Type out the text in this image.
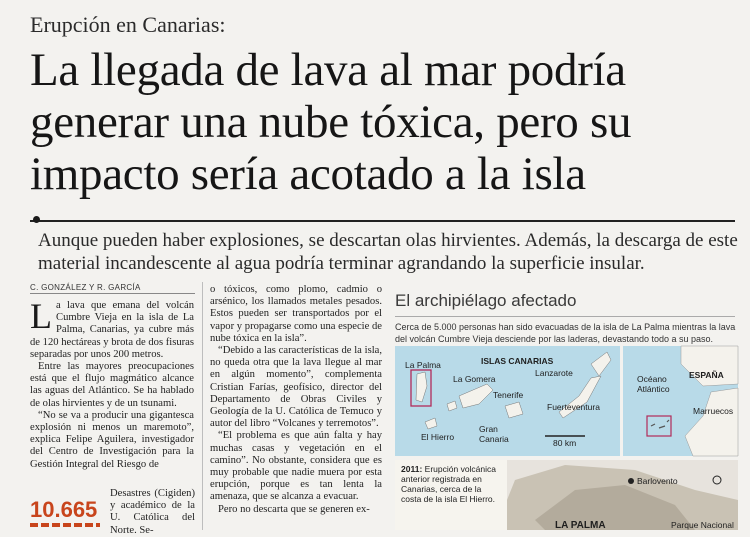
Erupción en Canarias:
La llegada de lava al mar podría generar una nube tóxica, pero su impacto sería acotado a la isla
Aunque pueden haber explosiones, se descartan olas hirvientes. Además, la descarga de este material incandescente al agua podría terminar agrandando la superficie insular.
C. GONZÁLEZ Y R. GARCÍA

La lava que emana del volcán Cumbre Vieja en la isla de La Palma, Canarias, ya cubre más de 120 hectáreas y brota de dos fisuras separadas por unos 200 metros.

Entre las mayores preocupaciones está que el flujo magmático alcance las aguas del Atlántico. Se ha hablado de olas hirvientes y de un tsunami.

“No se va a producir una gigantesca explosión ni menos un maremoto”, explica Felipe Aguilera, investigador del Centro de Investigación para la Gestión Integral del Riesgo de

Desastres (Cigiden) y académico de la U. Católica del Norte. Se-
10.665

o tóxicos, como plomo, cadmio o arsénico, los llamados metales pesados. Estos pueden ser transportados por el vapor y propagarse como una especie de nube tóxica en la isla”.

“Debido a las características de la isla, no queda otra que la lava llegue al mar en algún momento”, complementa Cristian Farías, geofísico, director del Departamento de Obras Civiles y Geología de la U. Católica de Temuco y autor del libro “Volcanes y terremotos”.

“El problema es que aún falta y hay muchas casas y vegetación en el camino”. No obstante, considera que es muy probable que nadie muera por esta erupción, porque es tan lenta la amenaza, que se alcanza a evacuar.

Pero no descarta que se generen ex-

El archipiélago afectado
Cerca de 5.000 personas han sido evacuadas de la isla de La Palma mientras la lava del volcán Cumbre Vieja desciende por las laderas, devastando todo a su paso.
La Palma	ISLAS CANARIAS
La Gomera
Lanzarote
Tenerife
Fuerteventura
El Hierro
Gran Canaria	80 km
ESPAÑA
Océano Atlántico
Marruecos
2011: Erupción volcánica anterior registrada en Canarias, cerca de la costa de la isla El Hierro.
Barlovento
LA PALMA	Parque Nacional
